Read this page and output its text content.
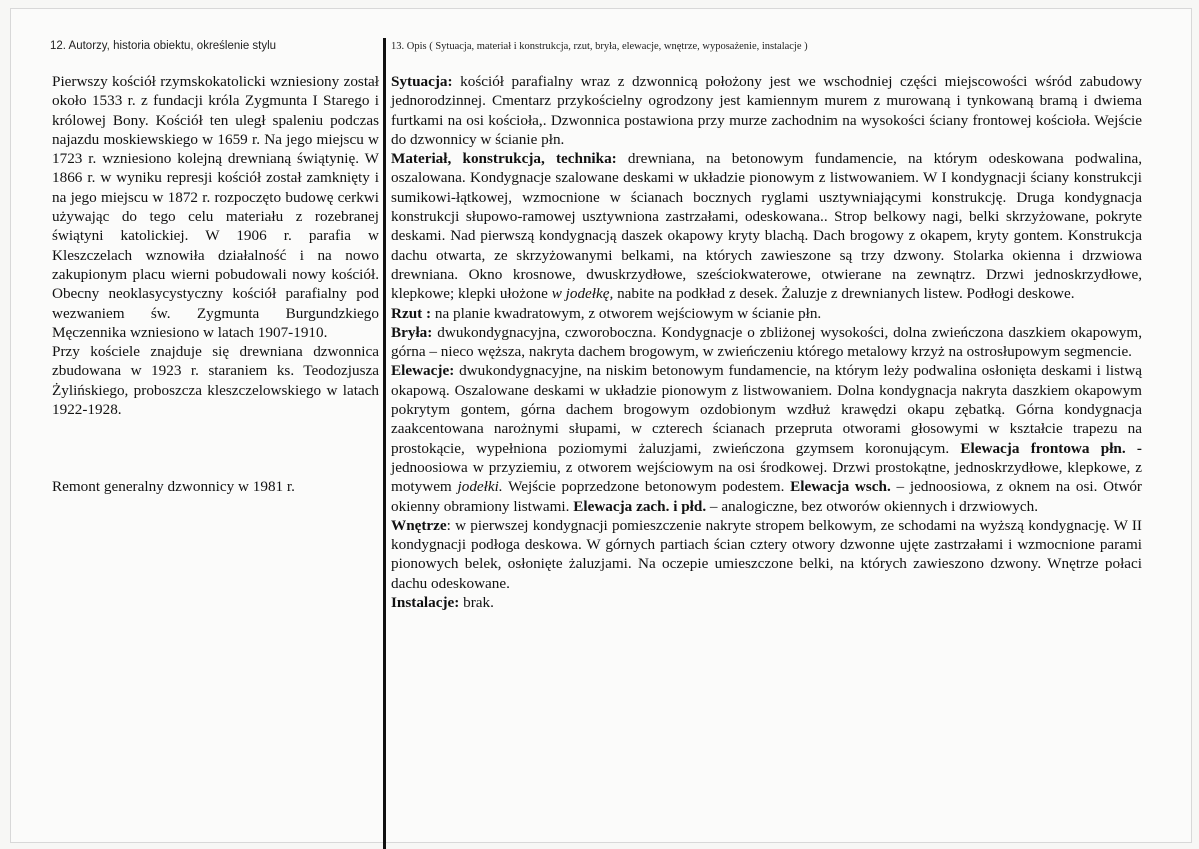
12. Autorzy, historia obiektu, określenie stylu	13. Opis ( Sytuacja, materiał i konstrukcja, rzut, bryła, elewacje, wnętrze, wyposażenie, instalacje )

Pierwszy kościół rzymskokatolicki wzniesiony został około 1533 r. z fundacji króla Zygmunta I Starego i królowej Bony. Kościół ten uległ spaleniu podczas najazdu moskiewskiego w 1659 r. Na jego miejscu w 1723 r. wzniesiono kolejną drewnianą świątynię. W 1866 r. w wyniku represji kościół został zamknięty i na jego miejscu w 1872 r. rozpoczęto budowę cerkwi używając do tego celu materiału z rozebranej świątyni katolickiej. W 1906 r. parafia w Kleszczelach wznowiła działalność i na nowo zakupionym placu wierni pobudowali nowy kościół. Obecny neoklasycystyczny kościół parafialny pod wezwaniem św. Zygmunta Burgundzkiego Męczennika wzniesiono w latach 1907-1910.

Przy kościele znajduje się drewniana dzwonnica zbudowana w 1923 r. staraniem ks. Teodozjusza Żylińskiego, proboszcza kleszczelowskiego w latach 1922-1928.

Remont generalny dzwonnicy w 1981 r.

Sytuacja: kościół parafialny wraz z dzwonnicą położony jest we wschodniej części miejscowości wśród zabudowy jednorodzinnej. Cmentarz przykościelny ogrodzony jest kamiennym murem z murowaną i tynkowaną bramą i dwiema furtkami na osi kościoła,. Dzwonnica postawiona przy murze zachodnim na wysokości ściany frontowej kościoła. Wejście do dzwonnicy w ścianie płn.

Materiał, konstrukcja, technika: drewniana, na betonowym fundamencie, na którym odeskowana podwalina, oszalowana. Kondygnacje szalowane deskami w układzie pionowym z listwowaniem. W I kondygnacji ściany konstrukcji sumikowi-łątkowej, wzmocnione w ścianach bocznych ryglami usztywniającymi konstrukcję. Druga kondygnacja konstrukcji słupowo-ramowej usztywniona zastrzałami, odeskowana.. Strop belkowy nagi, belki skrzyżowane, pokryte deskami. Nad pierwszą kondygnacją daszek okapowy kryty blachą. Dach brogowy z okapem, kryty gontem. Konstrukcja dachu otwarta, ze skrzyżowanymi belkami, na których zawieszone są trzy dzwony. Stolarka okienna i drzwiowa drewniana. Okno krosnowe, dwuskrzydłowe, sześciokwaterowe, otwierane na zewnątrz. Drzwi jednoskrzydłowe, klepkowe; klepki ułożone w jodełkę, nabite na podkład z desek. Żaluzje z drewnianych listew. Podłogi deskowe.

Rzut : na planie kwadratowym, z otworem wejściowym w ścianie płn.

Bryła: dwukondygnacyjna, czworoboczna. Kondygnacje o zbliżonej wysokości, dolna zwieńczona daszkiem okapowym, górna – nieco węższa, nakryta dachem brogowym, w zwieńczeniu którego metalowy krzyż na ostrosłupowym segmencie.

Elewacje: dwukondygnacyjne, na niskim betonowym fundamencie, na którym leży podwalina osłonięta deskami i listwą okapową. Oszalowane deskami w układzie pionowym z listwowaniem. Dolna kondygnacja nakryta daszkiem okapowym pokrytym gontem, górna dachem brogowym ozdobionym wzdłuż krawędzi okapu zębatką. Górna kondygnacja zaakcentowana narożnymi słupami, w czterech ścianach przepruta otworami głosowymi w kształcie trapezu na prostokącie, wypełniona poziomymi żaluzjami, zwieńczona gzymsem koronującym. Elewacja frontowa płn. - jednoosiowa w przyziemiu, z otworem wejściowym na osi środkowej. Drzwi prostokątne, jednoskrzydłowe, klepkowe, z motywem jodełki. Wejście poprzedzone betonowym podestem. Elewacja wsch. – jednoosiowa, z oknem na osi. Otwór okienny obramiony listwami. Elewacja zach. i płd. – analogiczne, bez otworów okiennych i drzwiowych.

Wnętrze: w pierwszej kondygnacji pomieszczenie nakryte stropem belkowym, ze schodami na wyższą kondygnację. W II kondygnacji podłoga deskowa. W górnych partiach ścian cztery otwory dzwonne ujęte zastrzałami i wzmocnione parami pionowych belek, osłonięte żaluzjami. Na oczepie umieszczone belki, na których zawieszono dzwony. Wnętrze połaci dachu odeskowane.

Instalacje: brak.
